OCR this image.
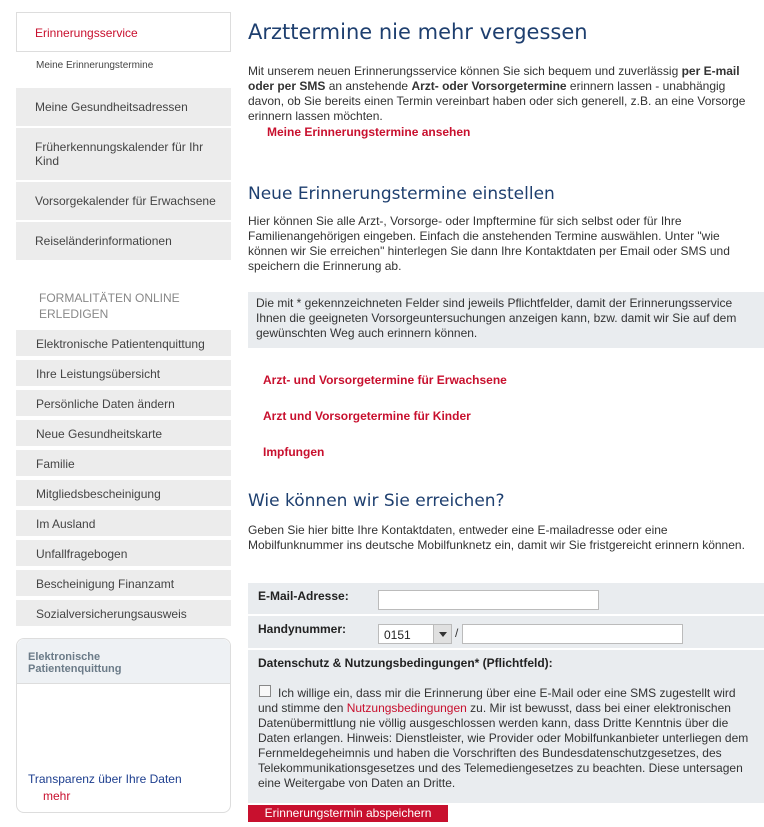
Erinnerungsservice
Meine Erinnerungstermine
Meine Gesundheitsadressen
Früherkennungskalender für Ihr Kind
Vorsorgekalender für Erwachsene
Reiseländerinformationen
FORMALITÄTEN ONLINE ERLEDIGEN
Elektronische Patientenquittung
Ihre Leistungsübersicht
Persönliche Daten ändern
Neue Gesundheitskarte
Familie
Mitgliedsbescheinigung
Im Ausland
Unfallfragebogen
Bescheinigung Finanzamt
Sozialversicherungsausweis
Elektronische Patientenquittung
Transparenz über Ihre Daten
mehr
Arzttermine nie mehr vergessen
Mit unserem neuen Erinnerungsservice können Sie sich bequem und zuverlässig per E-mail oder per SMS an anstehende Arzt- oder Vorsorgetermine erinnern lassen - unabhängig davon, ob Sie bereits einen Termin vereinbart haben oder sich generell, z.B. an eine Vorsorge erinnern lassen möchten.
Meine Erinnerungstermine ansehen
Neue Erinnerungstermine einstellen
Hier können Sie alle Arzt-, Vorsorge- oder Impftermine für sich selbst oder für Ihre Familienangehörigen eingeben. Einfach die anstehenden Termine auswählen. Unter "wie können wir Sie erreichen" hinterlegen Sie dann Ihre Kontaktdaten per Email oder SMS und speichern die Erinnerung ab.
Die mit * gekennzeichneten Felder sind jeweils Pflichtfelder, damit der Erinnerungsservice Ihnen die geeigneten Vorsorgeuntersuchungen anzeigen kann, bzw. damit wir Sie auf dem gewünschten Weg auch erinnern können.
Arzt- und Vorsorgetermine für Erwachsene
Arzt und Vorsorgetermine für Kinder
Impfungen
Wie können wir Sie erreichen?
Geben Sie hier bitte Ihre Kontaktdaten, entweder eine E-mailadresse oder eine Mobilfunknummer ins deutsche Mobilfunknetz ein, damit wir Sie fristgereicht erinnern können.
E-Mail-Adresse:
Handynummer:	0151	/
Datenschutz & Nutzungsbedingungen* (Pflichtfeld):
Ich willige ein, dass mir die Erinnerung über eine E-Mail oder eine SMS zugestellt wird und stimme den Nutzungsbedingungen zu. Mir ist bewusst, dass bei einer elektronischen Datenübermittlung nie völlig ausgeschlossen werden kann, dass Dritte Kenntnis über die Daten erlangen. Hinweis: Dienstleister, wie Provider oder Mobilfunkanbieter unterliegen dem Fernmeldegeheimnis und haben die Vorschriften des Bundesdatenschutzgesetzes, des Telekommunikationsgesetzes und des Telemediengesetzes zu beachten. Diese untersagen eine Weitergabe von Daten an Dritte.
Erinnerungstermin abspeichern
